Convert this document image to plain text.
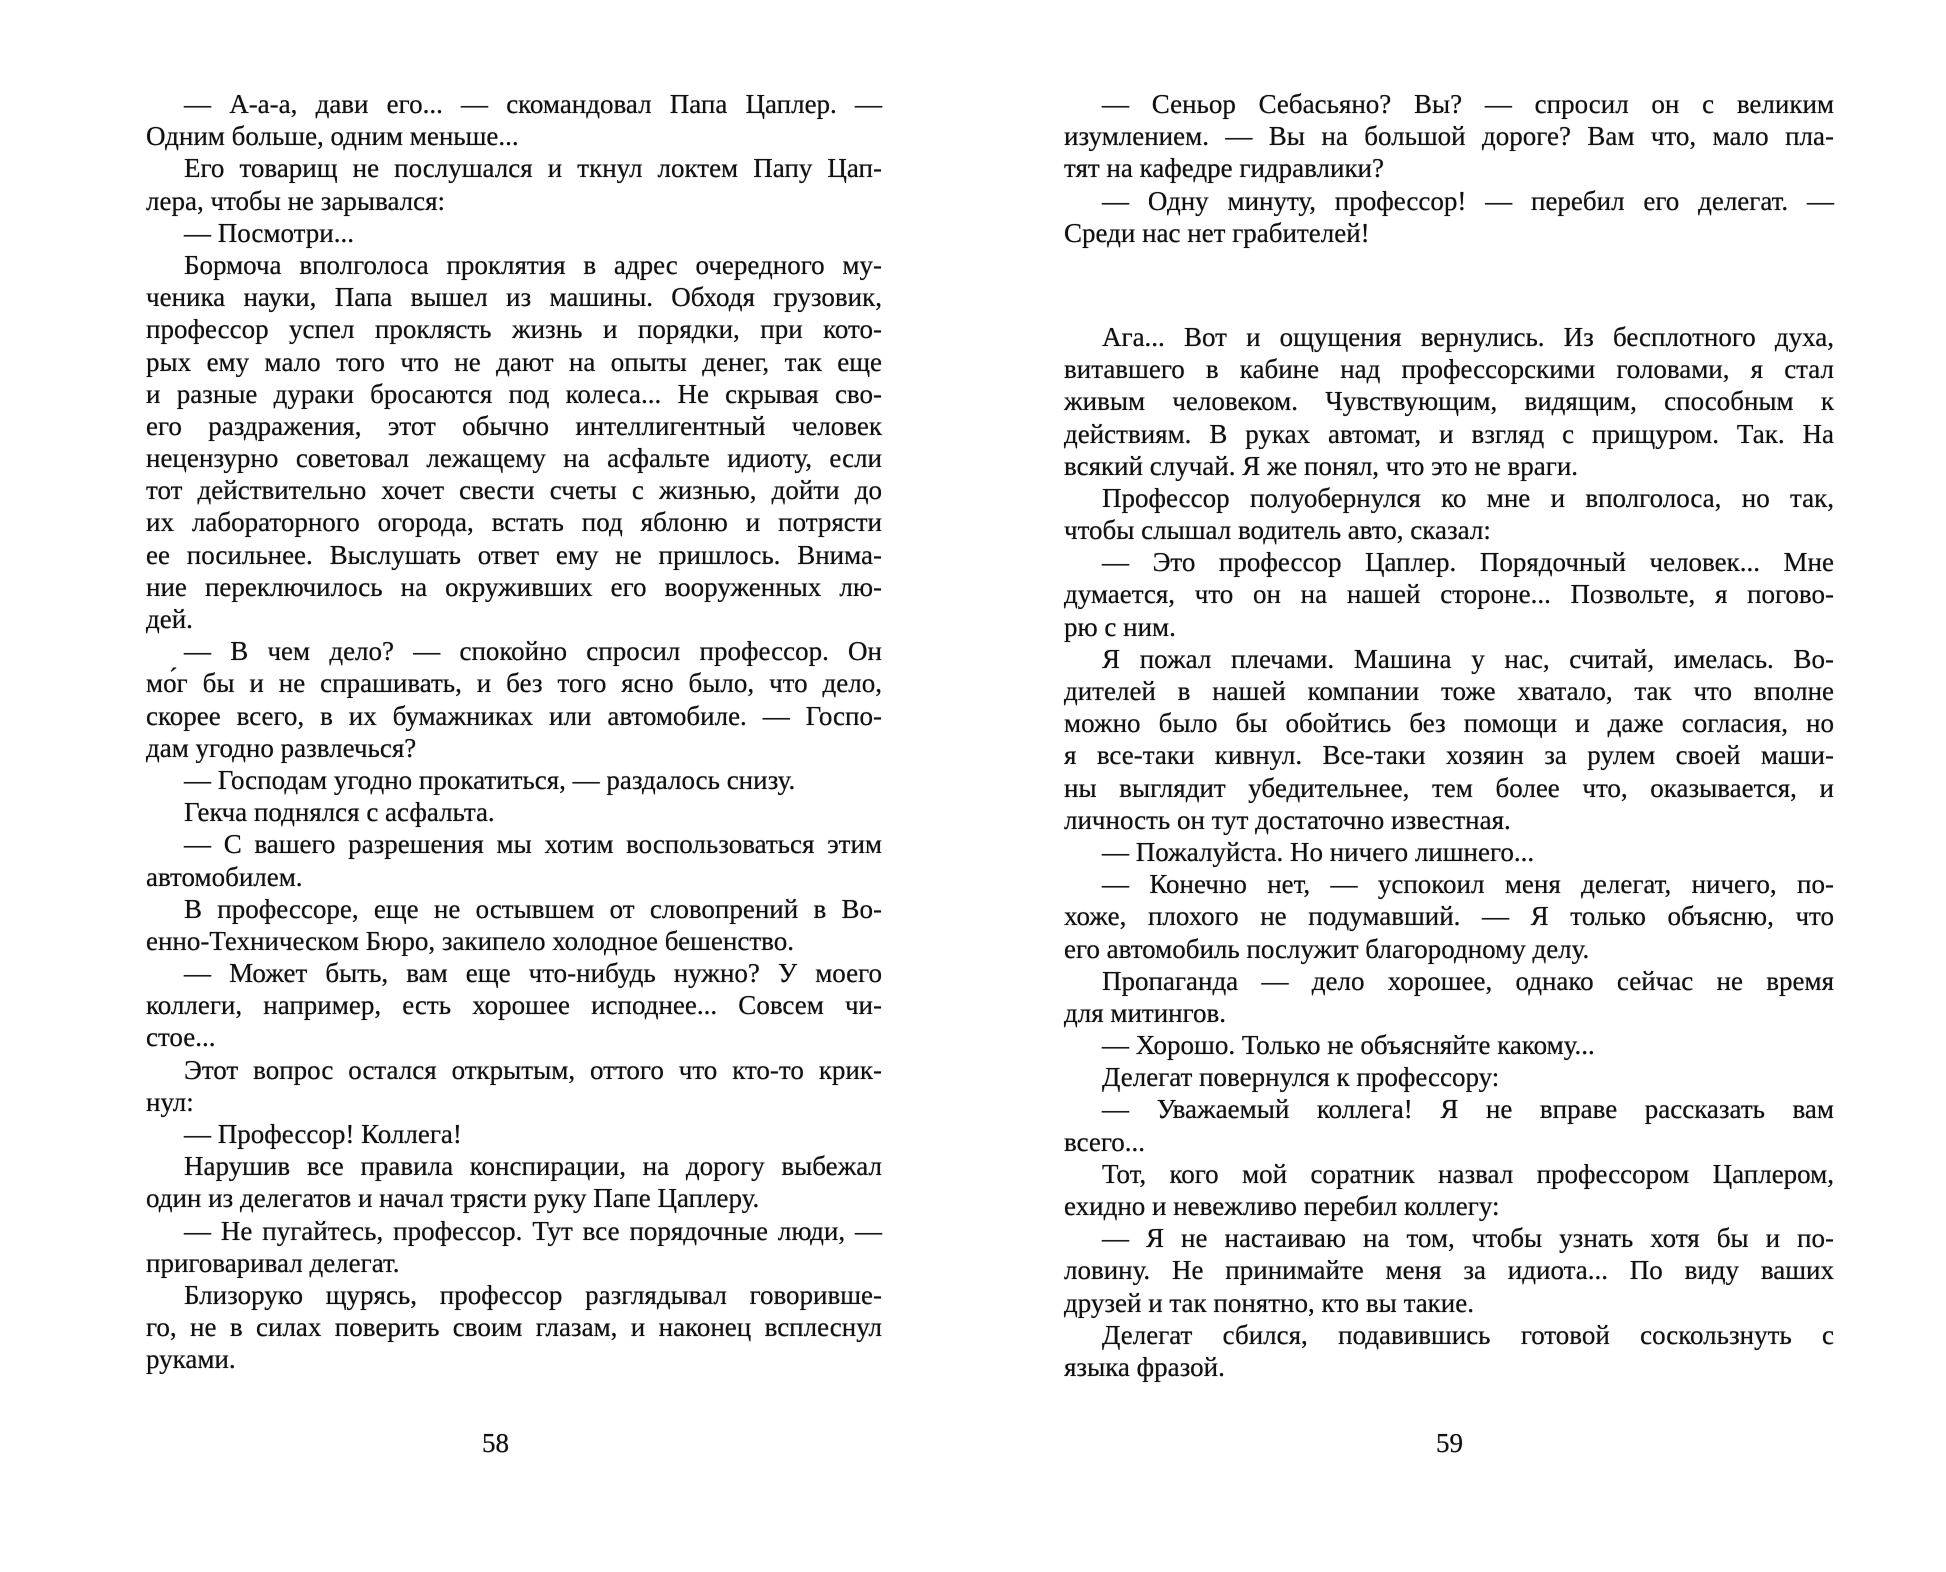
— А-а-а, дави его... — скомандовал Папа Цаплер. —
Одним больше, одним меньше...
Его товарищ не послушался и ткнул локтем Папу Цап-
лера, чтобы не зарывался:
— Посмотри...
Бормоча вполголоса проклятия в адрес очередного му-
ченика науки, Папа вышел из машины. Обходя грузовик,
профессор успел проклясть жизнь и порядки, при кото-
рых ему мало того что не дают на опыты денег, так еще
и разные дураки бросаются под колеса... Не скрывая сво-
его раздражения, этот обычно интеллигентный человек
нецензурно советовал лежащему на асфальте идиоту, если
тот действительно хочет свести счеты с жизнью, дойти до
их лабораторного огорода, встать под яблоню и потрясти
ее посильнее. Выслушать ответ ему не пришлось. Внима-
ние переключилось на окруживших его вооруженных лю-
дей.
— В чем дело? — спокойно спросил профессор. Он
мо́г бы и не спрашивать, и без того ясно было, что дело,
скорее всего, в их бумажниках или автомобиле. — Госпо-
дам угодно развлечься?
— Господам угодно прокатиться, — раздалось снизу.
Гекча поднялся с асфальта.
— С вашего разрешения мы хотим воспользоваться этим
автомобилем.
В профессоре, еще не остывшем от словопрений в Во-
енно-Техническом Бюро, закипело холодное бешенство.
— Может быть, вам еще что-нибудь нужно? У моего
коллеги, например, есть хорошее исподнее... Совсем чи-
стое...
Этот вопрос остался открытым, оттого что кто-то крик-
нул:
— Профессор! Коллега!
Нарушив все правила конспирации, на дорогу выбежал
один из делегатов и начал трясти руку Папе Цаплеру.
— Не пугайтесь, профессор. Тут все порядочные люди, —
приговаривал делегат.
Близоруко щурясь, профессор разглядывал говорившe-
го, не в силах поверить своим глазам, и наконец всплеснул
руками.
— Сеньор Себасьяно? Вы? — спросил он с великим
изумлением. — Вы на большой дороге? Вам что, мало пла-
тят на кафедре гидравлики?
— Одну минуту, профессор! — перебил его делегат. —
Среди нас нет грабителей!
Ага... Вот и ощущения вернулись. Из бесплотного духа,
витавшего в кабине над профессорскими головами, я стал
живым человеком. Чувствующим, видящим, способным к
действиям. В руках автомат, и взгляд с прищуром. Так. На
всякий случай. Я же понял, что это не враги.
Профессор полуобернулся ко мне и вполголоса, но так,
чтобы слышал водитель авто, сказал:
— Это профессор Цаплер. Порядочный человек... Мне
думается, что он на нашей стороне... Позвольте, я погово-
рю с ним.
Я пожал плечами. Машина у нас, считай, имелась. Во-
дителей в нашей компании тоже хватало, так что вполне
можно было бы обойтись без помощи и даже согласия, но
я все-таки кивнул. Все-таки хозяин за рулем своей маши-
ны выглядит убедительнее, тем более что, оказывается, и
личность он тут достаточно известная.
— Пожалуйста. Но ничего лишнего...
— Конечно нет, — успокоил меня делегат, ничего, по-
хоже, плохого не подумавший. — Я только объясню, что
его автомобиль послужит благородному делу.
Пропаганда — дело хорошее, однако сейчас не время
для митингов.
— Хорошо. Только не объясняйте какому...
Делегат повернулся к профессору:
— Уважаемый коллега! Я не вправе рассказать вам
всего...
Тот, кого мой соратник назвал профессором Цаплером,
ехидно и невежливо перебил коллегу:
— Я не настаиваю на том, чтобы узнать хотя бы и по-
ловину. Не принимайте меня за идиота... По виду ваших
друзей и так понятно, кто вы такие.
Делегат сбился, подавившись готовой соскользнуть с
языка фразой.
58	59
